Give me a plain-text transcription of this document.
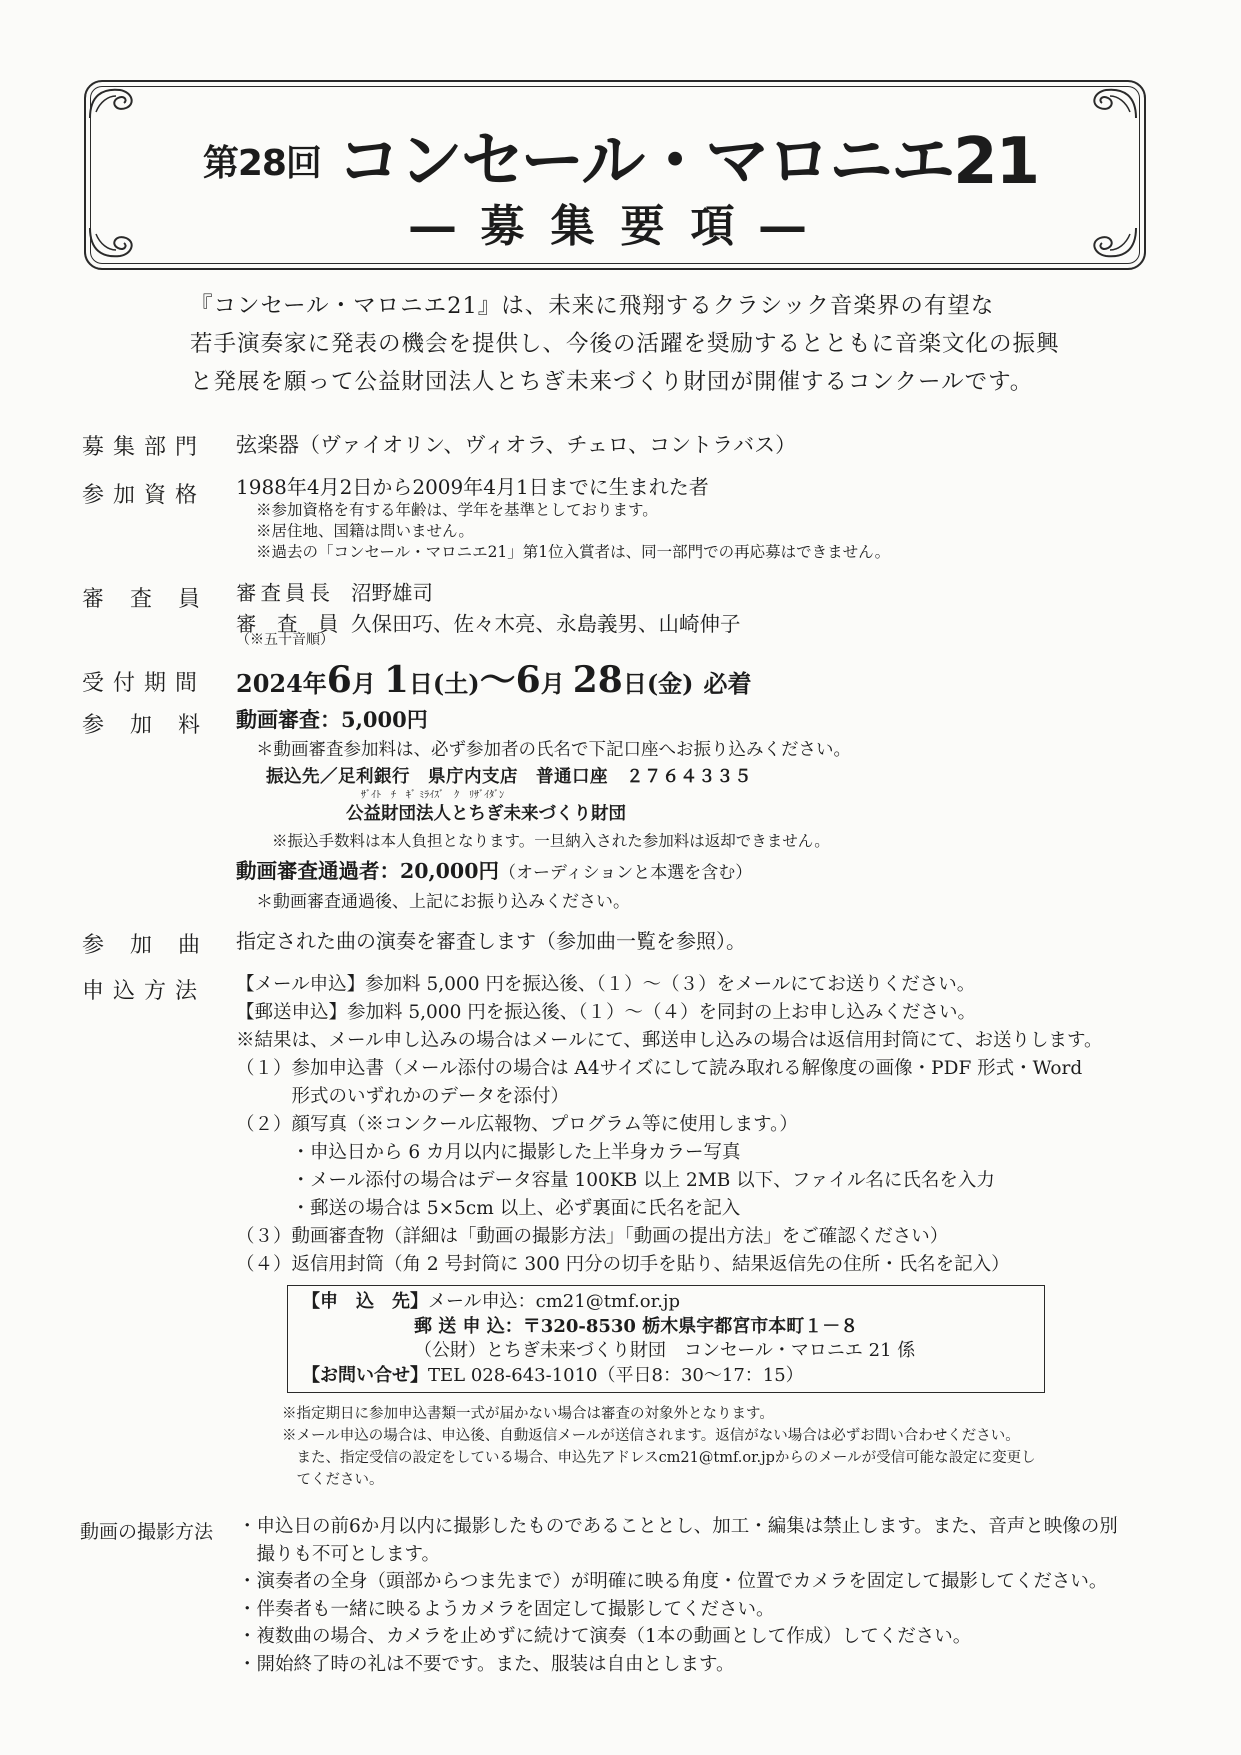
第28回 コンセール・マロニエ21
―募集要項―
『コンセール・マロニエ21』は、未来に飛翔するクラシック音楽界の有望な
若手演奏家に発表の機会を提供し、今後の活躍を奨励するとともに音楽文化の振興
と発展を願って公益財団法人とちぎ未来づくり財団が開催するコンクールです。
募集部門 弦楽器（ヴァイオリン、ヴィオラ、チェロ、コントラバス）
参加資格 1988年4月2日から2009年4月1日までに生まれた者
※参加資格を有する年齢は、学年を基準としております。
※居住地、国籍は問いません。
※過去の「コンセール・マロニエ21」第1位入賞者は、同一部門での再応募はできません。
審査員 審査員長 沼野雄司
審　査　員 久保田巧、佐々木亮、永島義男、山崎伸子
（※五十音順）
受付期間 2024年6月 1日(土)～6月 28日(金) 必着
参加料 動画審査：5,000円
＊動画審査参加料は、必ず参加者の氏名で下記口座へお振り込みください。
振込先／足利銀行　県庁内支店　普通口座　２７６４３３５
ｻﾞｲﾄ　ﾁ　ｷﾞ ﾐﾗｲｽﾞ　ｸ　ﾘｻﾞｲﾀﾞﾝ
公益財団法人とちぎ未来づくり財団
※振込手数料は本人負担となります。一旦納入された参加料は返却できません。
動画審査通過者：20,000円（オーディションと本選を含む）
＊動画審査通過後、上記にお振り込みください。
参加曲 指定された曲の演奏を審査します（参加曲一覧を参照）。
申込方法 【メール申込】参加料 5,000 円を振込後、（１）～（３）をメールにてお送りください。
【郵送申込】参加料 5,000 円を振込後、（１）～（４）を同封の上お申し込みください。
※結果は、メール申し込みの場合はメールにて、郵送申し込みの場合は返信用封筒にて、お送りします。
（１）参加申込書（メール添付の場合は A4サイズにして読み取れる解像度の画像・PDF 形式・Word
　　　形式のいずれかのデータを添付）
（２）顔写真（※コンクール広報物、プログラム等に使用します。）
　　　・申込日から 6 カ月以内に撮影した上半身カラー写真
　　　・メール添付の場合はデータ容量 100KB 以上 2MB 以下、ファイル名に氏名を入力
　　　・郵送の場合は 5×5cm 以上、必ず裏面に氏名を記入
（３）動画審査物（詳細は「動画の撮影方法」「動画の提出方法」をご確認ください）
（４）返信用封筒（角 2 号封筒に 300 円分の切手を貼り、結果返信先の住所・氏名を記入）
【申　込　先】メール申込：cm21@tmf.or.jp
郵 送 申 込：〒320-8530 栃木県宇都宮市本町１－８
（公財）とちぎ未来づくり財団　コンセール・マロニエ 21 係
【お問い合せ】TEL 028-643-1010（平日8：30～17：15）
※指定期日に参加申込書類一式が届かない場合は審査の対象外となります。
※メール申込の場合は、申込後、自動返信メールが送信されます。返信がない場合は必ずお問い合わせください。
　また、指定受信の設定をしている場合、申込先アドレスcm21@tmf.or.jpからのメールが受信可能な設定に変更し
　てください。
動画の撮影方法 ・申込日の前6か月以内に撮影したものであることとし、加工・編集は禁止します。また、音声と映像の別
　撮りも不可とします。
・演奏者の全身（頭部からつま先まで）が明確に映る角度・位置でカメラを固定して撮影してください。
・伴奏者も一緒に映るようカメラを固定して撮影してください。
・複数曲の場合、カメラを止めずに続けて演奏（1本の動画として作成）してください。
・開始終了時の礼は不要です。また、服装は自由とします。
